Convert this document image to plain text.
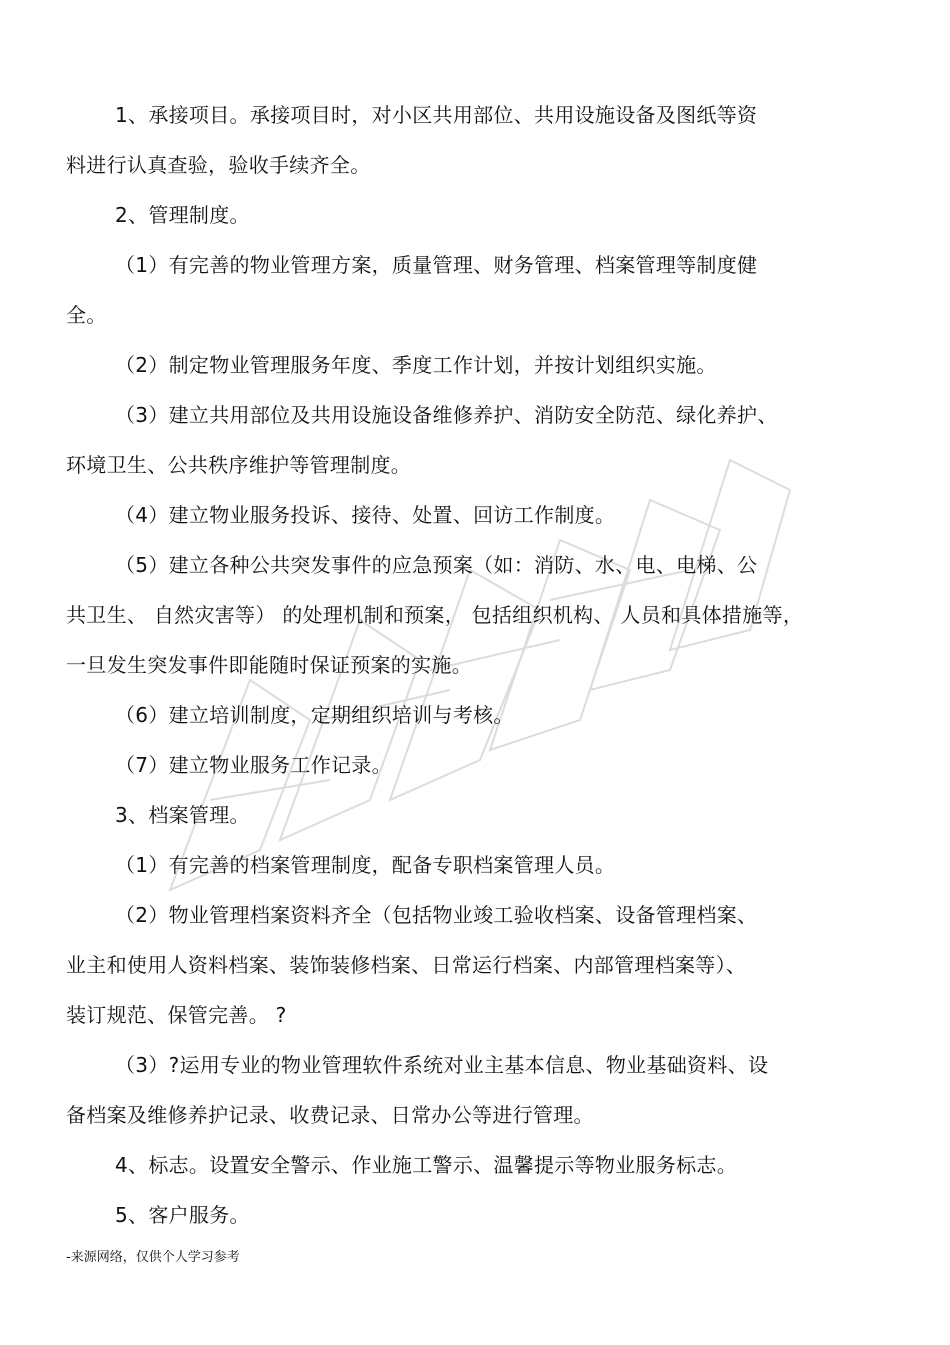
1、承接项目。承接项目时，对小区共用部位、共用设施设备及图纸等资
料进行认真查验，验收手续齐全。
2、管理制度。
（1）有完善的物业管理方案，质量管理、财务管理、档案管理等制度健
全。
（2）制定物业管理服务年度、季度工作计划，并按计划组织实施。
（3）建立共用部位及共用设施设备维修养护、消防安全防范、绿化养护、
环境卫生、公共秩序维护等管理制度。
（4）建立物业服务投诉、接待、处置、回访工作制度。
（5）建立各种公共突发事件的应急预案（如：消防、水、电、电梯、公
共卫生、 自然灾害等） 的处理机制和预案， 包括组织机构、 人员和具体措施等，
一旦发生突发事件即能随时保证预案的实施。
（6）建立培训制度，定期组织培训与考核。
（7）建立物业服务工作记录。
3、档案管理。
（1）有完善的档案管理制度，配备专职档案管理人员。
（2）物业管理档案资料齐全（包括物业竣工验收档案、设备管理档案、
业主和使用人资料档案、装饰装修档案、日常运行档案、内部管理档案等）、
装订规范、保管完善。 ?
（3）?运用专业的物业管理软件系统对业主基本信息、物业基础资料、设
备档案及维修养护记录、收费记录、日常办公等进行管理。
4、标志。设置安全警示、作业施工警示、温馨提示等物业服务标志。
5、客户服务。
-来源网络，仅供个人学习参考
